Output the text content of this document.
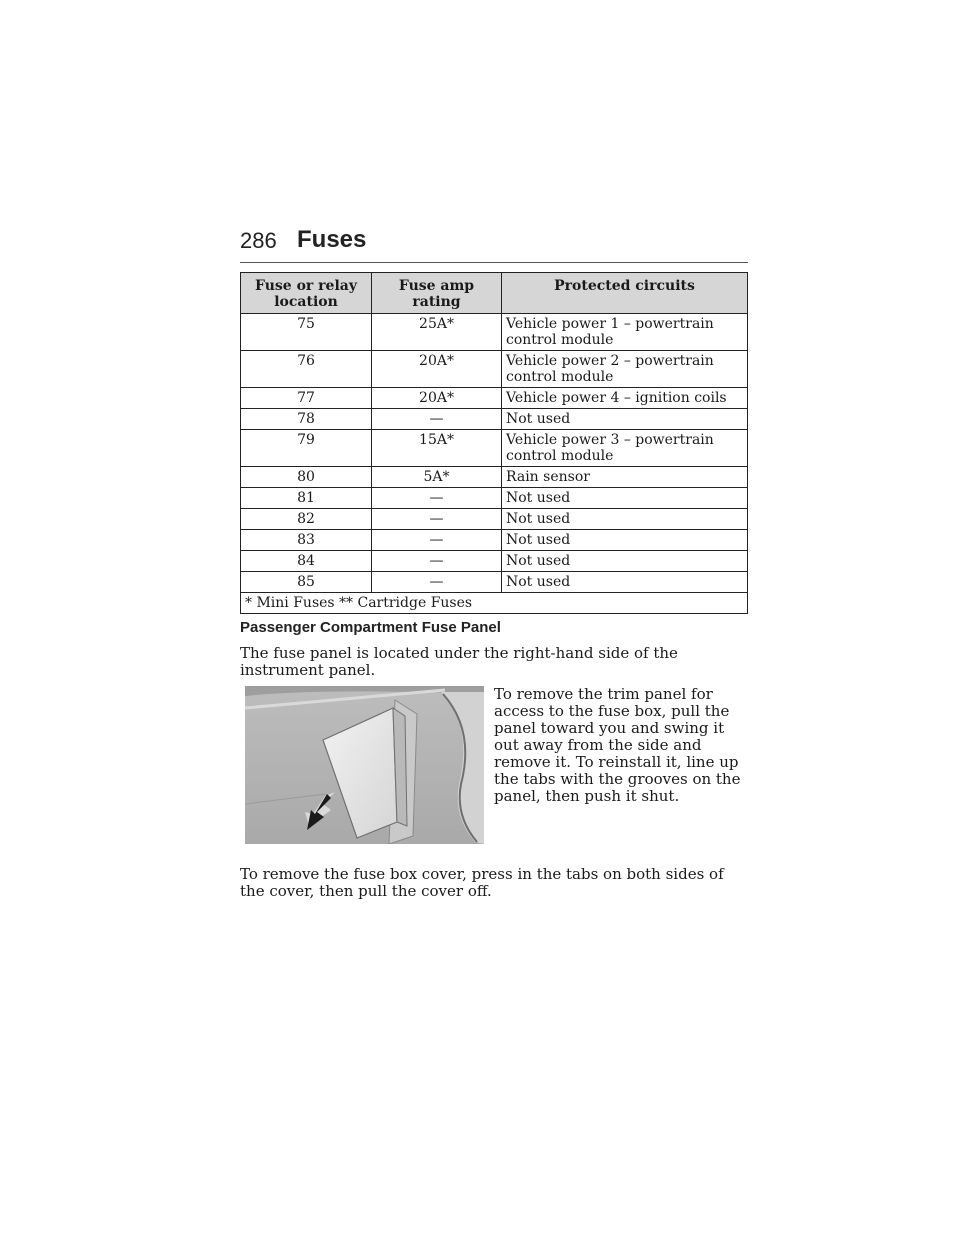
286 Fuses
Fuse or relay location	Fuse amp rating	Protected circuits
75	25A*	Vehicle power 1 – powertrain control module
76	20A*	Vehicle power 2 – powertrain control module
77	20A*	Vehicle power 4 – ignition coils
78	—	Not used
79	15A*	Vehicle power 3 – powertrain control module
80	5A*	Rain sensor
81	—	Not used
82	—	Not used
83	—	Not used
84	—	Not used
85	—	Not used
* Mini Fuses ** Cartridge Fuses		
Passenger Compartment Fuse Panel

The fuse panel is located under the right-hand side of the instrument panel.

To remove the trim panel for access to the fuse box, pull the panel toward you and swing it out away from the side and remove it. To reinstall it, line up the tabs with the grooves on the panel, then push it shut.

To remove the fuse box cover, press in the tabs on both sides of the cover, then pull the cover off.
